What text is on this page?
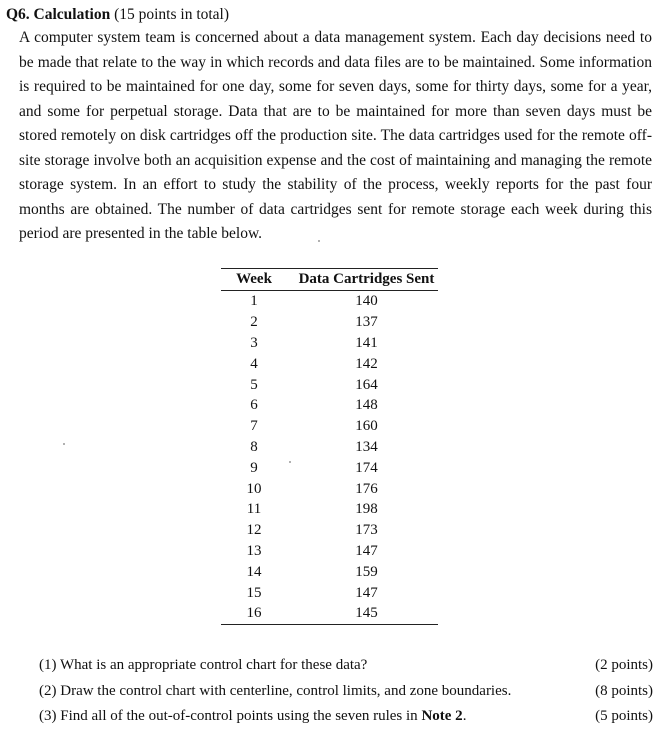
Q6. Calculation (15 points in total)

A computer system team is concerned about a data management system. Each day decisions need to be made that relate to the way in which records and data files are to be maintained. Some information is required to be maintained for one day, some for seven days, some for thirty days, some for a year, and some for perpetual storage. Data that are to be maintained for more than seven days must be stored remotely on disk cartridges off the production site. The data cartridges used for the remote off-site storage involve both an acquisition expense and the cost of maintaining and managing the remote storage system. In an effort to study the stability of the process, weekly reports for the past four months are obtained. The number of data cartridges sent for remote storage each week during this period are presented in the table below.

Week	Data Cartridges Sent
1	140
2	137
3	141
4	142
5	164
6	148
7	160
8	134
9	174
10	176
11	198
12	173
13	147
14	159
15	147
16	145
(1) What is an appropriate control chart for these data?	(2 points)
(2) Draw the control chart with centerline, control limits, and zone boundaries.	(8 points)
(3) Find all of the out-of-control points using the seven rules in Note 2.	(5 points)
